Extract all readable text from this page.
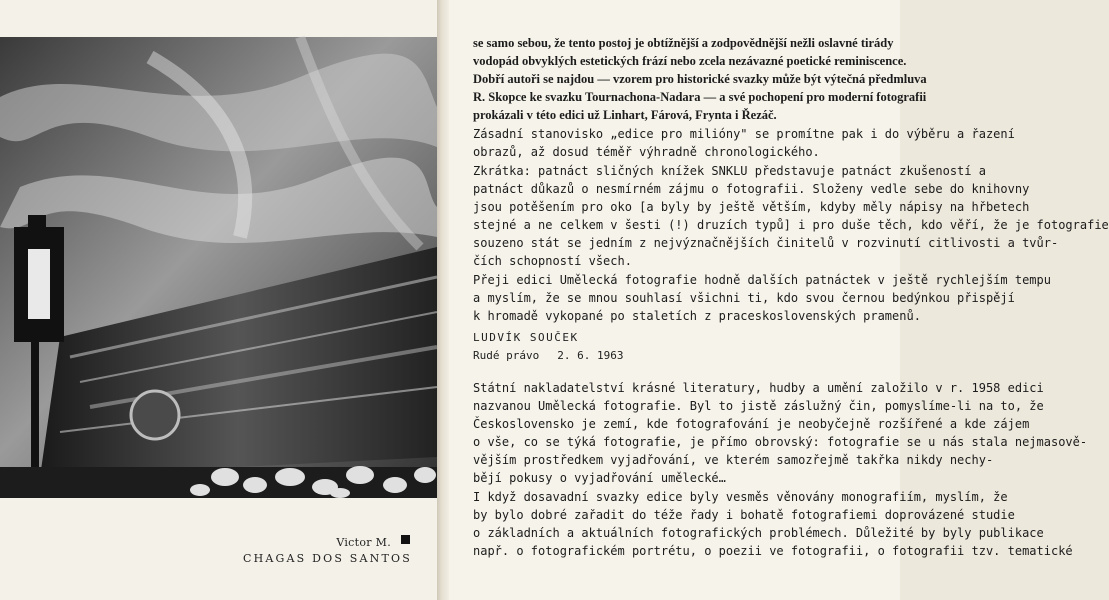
Victor M.
CHAGAS DOS SANTOS
se samo sebou, že tento postoj je obtížnější a zodpovědnější nežli oslavné tirády
vodopád obvyklých estetických frází nebo zcela nezávazné poetické reminiscence.
Dobří autoři se najdou — vzorem pro historické svazky může být výtečná předmluva
R. Skopce ke svazku Tournachona-Nadara — a své pochopení pro moderní fotografii
prokázali v této edici už Linhart, Fárová, Frynta i Řezáč.
Zásadní stanovisko „edice pro milióny" se promítne pak i do výběru a řazení
obrazů, až dosud téměř výhradně chronologického.
Zkrátka: patnáct sličných knížek SNKLU představuje patnáct zkušeností a
patnáct důkazů o nesmírném zájmu o fotografii. Složeny vedle sebe do knihovny
jsou potěšením pro oko [a byly by ještě větším, kdyby měly nápisy na hřbetech
stejné a ne celkem v šesti (!) druzích typů] i pro duše těch, kdo věří, že je fotografie
souzeno stát se jedním z nejvýznačnějších činitelů v rozvinutí citlivosti a tvůr-
čích schopností všech.
Přeji edici Umělecká fotografie hodně dalších patnáctek v ještě rychlejším tempu
a myslím, že se mnou souhlasí všichni ti, kdo svou černou bedýnkou přispějí
k hromadě vykopané po staletích z praceskoslovenských pramenů.
LUDVÍK SOUČEK
Rudé právo 2. 6. 1963
Státní nakladatelství krásné literatury, hudby a umění založilo v r. 1958 edici
nazvanou Umělecká fotografie. Byl to jistě záslužný čin, pomyslíme-li na to, že
Československo je zemí, kde fotografování je neobyčejně rozšířené a kde zájem
o vše, co se týká fotografie, je přímo obrovský: fotografie se u nás stala nejmasově-
vějším prostředkem vyjadřování, ve kterém samozřejmě takřka nikdy nechy-
bějí pokusy o vyjadřování umělecké…
I když dosavadní svazky edice byly vesměs věnovány monografiím, myslím, že
by bylo dobré zařadit do téže řady i bohatě fotografiemi doprovázené studie
o základních a aktuálních fotografických problémech. Důležité by byly publikace
např. o fotografickém portrétu, o poezii ve fotografii, o fotografii tzv. tematické
